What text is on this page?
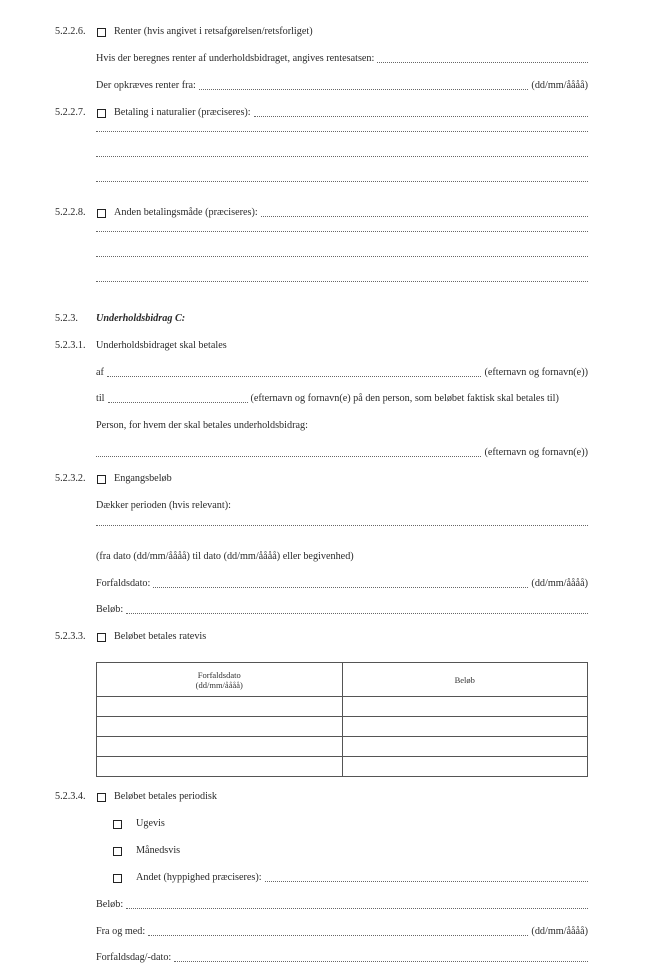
5.2.2.6.	Renter (hvis angivet i retsafgørelsen/retsforliget)
Hvis der beregnes renter af underholdsbidraget, angives rentesatsen:
Der opkræves renter fra:	(dd/mm/åååå)
5.2.2.7.	Betaling i naturalier (præciseres):
5.2.2.8.	Anden betalingsmåde (præciseres):
5.2.3. Underholdsbidrag C:
5.2.3.1. Underholdsbidraget skal betales
af	(efternavn og fornavn(e))
til	(efternavn og fornavn(e) på den person, som beløbet faktisk skal betales til)
Person, for hvem der skal betales underholdsbidrag:
(efternavn og fornavn(e))
5.2.3.2.	Engangsbeløb
Dækker perioden (hvis relevant):
(fra dato (dd/mm/åååå) til dato (dd/mm/åååå) eller begivenhed)
Forfaldsdato:	(dd/mm/åååå)
Beløb:
5.2.3.3.	Beløbet betales ratevis
Forfaldsdato
(dd/mm/åååå)	Beløb

5.2.3.4.	Beløbet betales periodisk
Ugevis
Månedsvis
Andet (hyppighed præciseres):
Beløb:
Fra og med:	(dd/mm/åååå)
Forfaldsdag/-dato:
